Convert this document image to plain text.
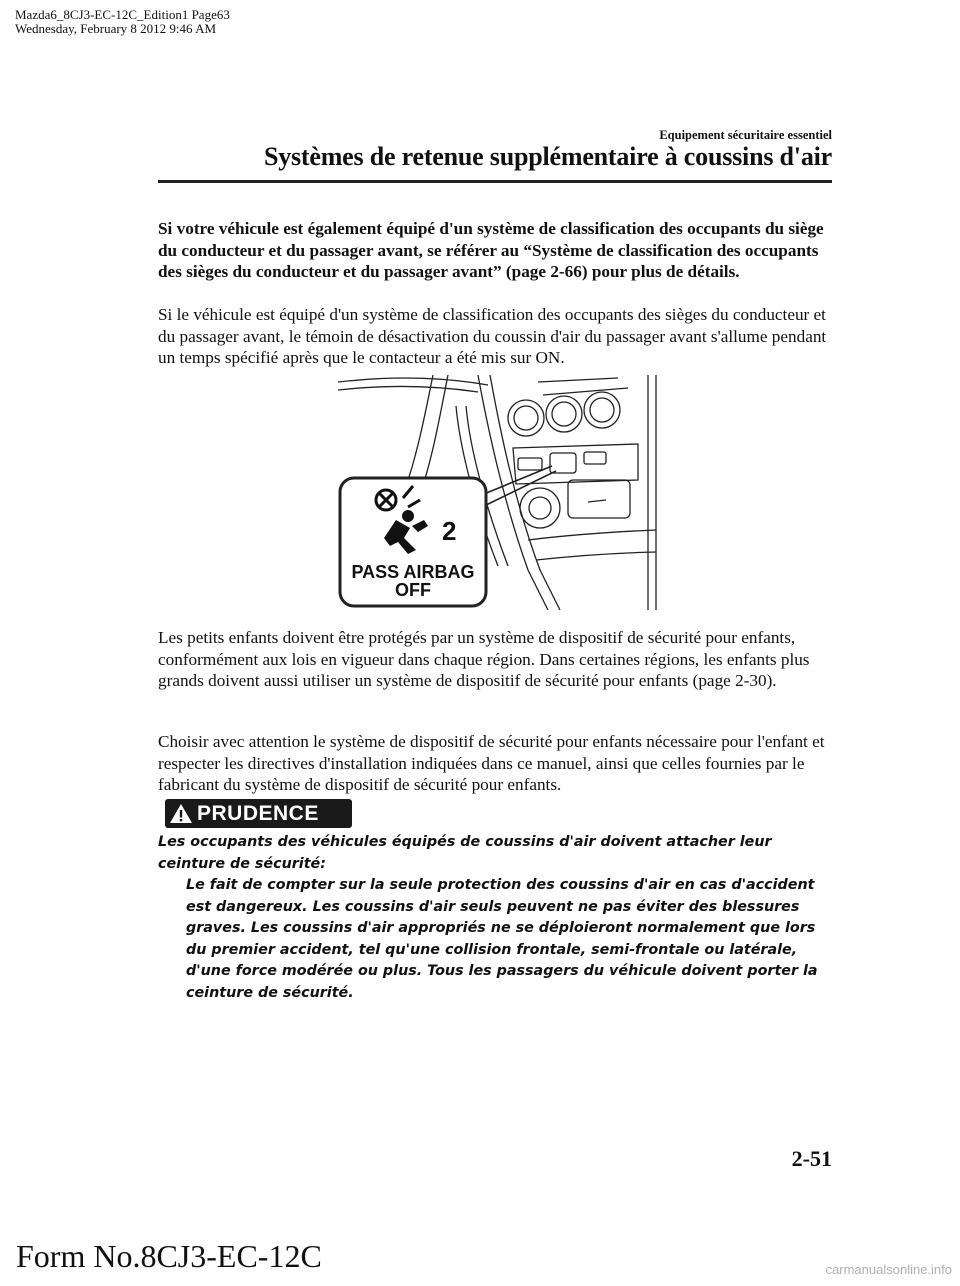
Mazda6_8CJ3-EC-12C_Edition1 Page63
Wednesday, February 8 2012 9:46 AM
Equipement sécuritaire essentiel
Systèmes de retenue supplémentaire à coussins d'air
Si votre véhicule est également équipé d'un système de classification des occupants du siège du conducteur et du passager avant, se référer au “Système de classification des occupants des sièges du conducteur et du passager avant” (page 2-66) pour plus de détails.
Si le véhicule est équipé d'un système de classification des occupants des sièges du conducteur et du passager avant, le témoin de désactivation du coussin d'air du passager avant s'allume pendant un temps spécifié après que le contacteur a été mis sur ON.
2
PASS AIRBAG
OFF
Les petits enfants doivent être protégés par un système de dispositif de sécurité pour enfants, conformément aux lois en vigueur dans chaque région. Dans certaines régions, les enfants plus grands doivent aussi utiliser un système de dispositif de sécurité pour enfants (page 2-30).
Choisir avec attention le système de dispositif de sécurité pour enfants nécessaire pour l'enfant et respecter les directives d'installation indiquées dans ce manuel, ainsi que celles fournies par le fabricant du système de dispositif de sécurité pour enfants.
PRUDENCE
Les occupants des véhicules équipés de coussins d'air doivent attacher leur ceinture de sécurité:
Le fait de compter sur la seule protection des coussins d'air en cas d'accident est dangereux. Les coussins d'air seuls peuvent ne pas éviter des blessures graves. Les coussins d'air appropriés ne se déploieront normalement que lors du premier accident, tel qu'une collision frontale, semi-frontale ou latérale, d'une force modérée ou plus. Tous les passagers du véhicule doivent porter la ceinture de sécurité.
2-51
Form No.8CJ3-EC-12C	carmanualsonline.info
